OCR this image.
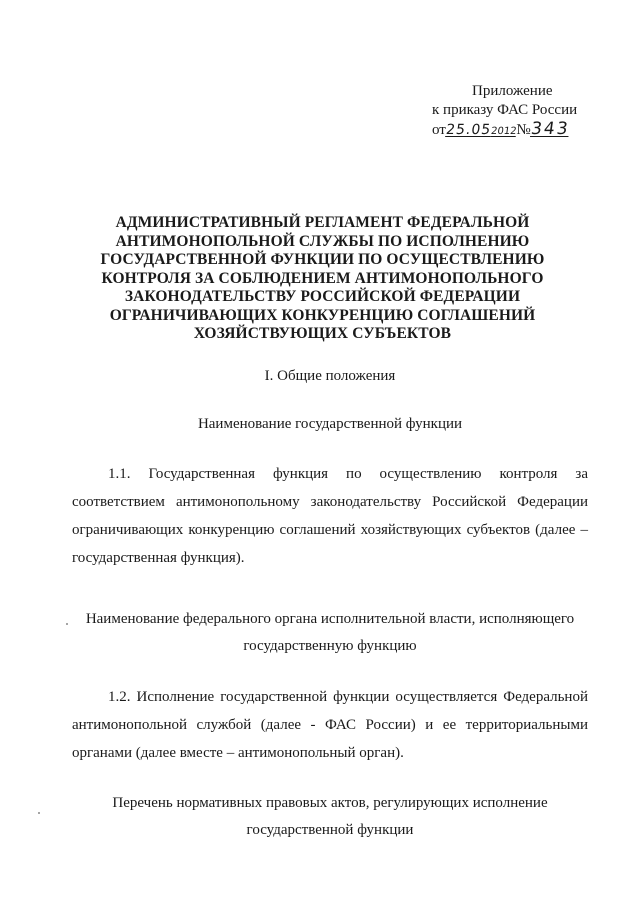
Приложение
к приказу ФАС России
от25.052012№343
АДМИНИСТРАТИВНЫЙ РЕГЛАМЕНТ ФЕДЕРАЛЬНОЙ
АНТИМОНОПОЛЬНОЙ СЛУЖБЫ ПО ИСПОЛНЕНИЮ
ГОСУДАРСТВЕННОЙ ФУНКЦИИ ПО ОСУЩЕСТВЛЕНИЮ
КОНТРОЛЯ ЗА СОБЛЮДЕНИЕМ АНТИМОНОПОЛЬНОГО
ЗАКОНОДАТЕЛЬСТВУ РОССИЙСКОЙ ФЕДЕРАЦИИ
ОГРАНИЧИВАЮЩИХ КОНКУРЕНЦИЮ СОГЛАШЕНИЙ
ХОЗЯЙСТВУЮЩИХ СУБЪЕКТОВ
I. Общие положения
Наименование государственной функции
1.1. Государственная функция по осуществлению контроля за
соответствием антимонопольному законодательству Российской Федерации
ограничивающих конкуренцию соглашений хозяйствующих субъектов (далее –
государственная функция).
Наименование федерального органа исполнительной власти, исполняющего
государственную функцию
1.2. Исполнение государственной функции осуществляется Федеральной
антимонопольной службой (далее - ФАС России) и ее территориальными
органами (далее вместе – антимонопольный орган).
Перечень нормативных правовых актов, регулирующих исполнение
государственной функции
